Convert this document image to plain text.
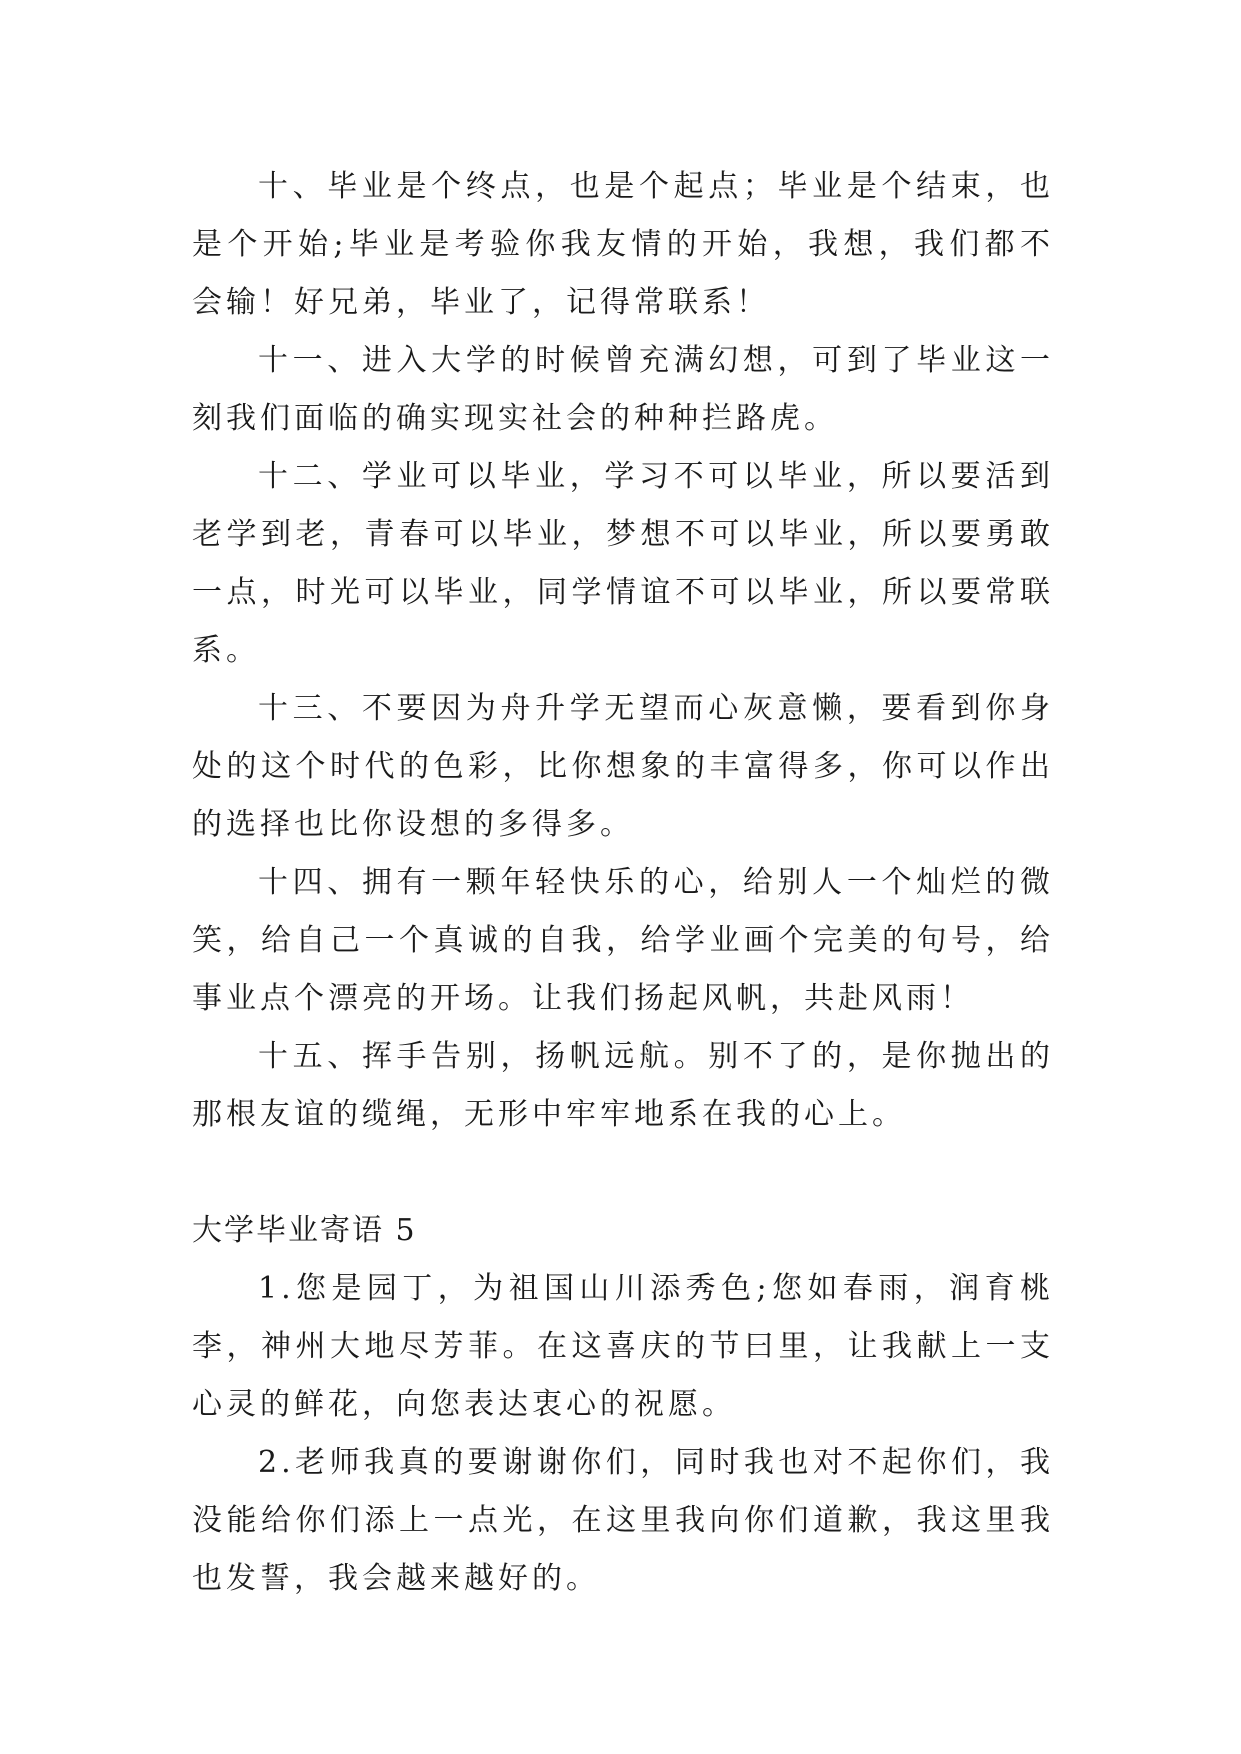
十、毕业是个终点，也是个起点；毕业是个结束，也是个开始;毕业是考验你我友情的开始，我想，我们都不会输！好兄弟，毕业了，记得常联系！

十一、进入大学的时候曾充满幻想，可到了毕业这一刻我们面临的确实现实社会的种种拦路虎。

十二、学业可以毕业，学习不可以毕业，所以要活到老学到老，青春可以毕业，梦想不可以毕业，所以要勇敢一点，时光可以毕业，同学情谊不可以毕业，所以要常联系。

十三、不要因为舟升学无望而心灰意懒，要看到你身处的这个时代的色彩，比你想象的丰富得多，你可以作出的选择也比你设想的多得多。

十四、拥有一颗年轻快乐的心，给别人一个灿烂的微笑，给自己一个真诚的自我，给学业画个完美的句号，给事业点个漂亮的开场。让我们扬起风帆，共赴风雨！

十五、挥手告别，扬帆远航。别不了的，是你抛出的那根友谊的缆绳，无形中牢牢地系在我的心上。

大学毕业寄语 5

1.您是园丁，为祖国山川添秀色;您如春雨，润育桃李，神州大地尽芳菲。在这喜庆的节曰里，让我献上一支心灵的鲜花，向您表达衷心的祝愿。

2.老师我真的要谢谢你们，同时我也对不起你们，我没能给你们添上一点光，在这里我向你们道歉，我这里我也发誓，我会越来越好的。
